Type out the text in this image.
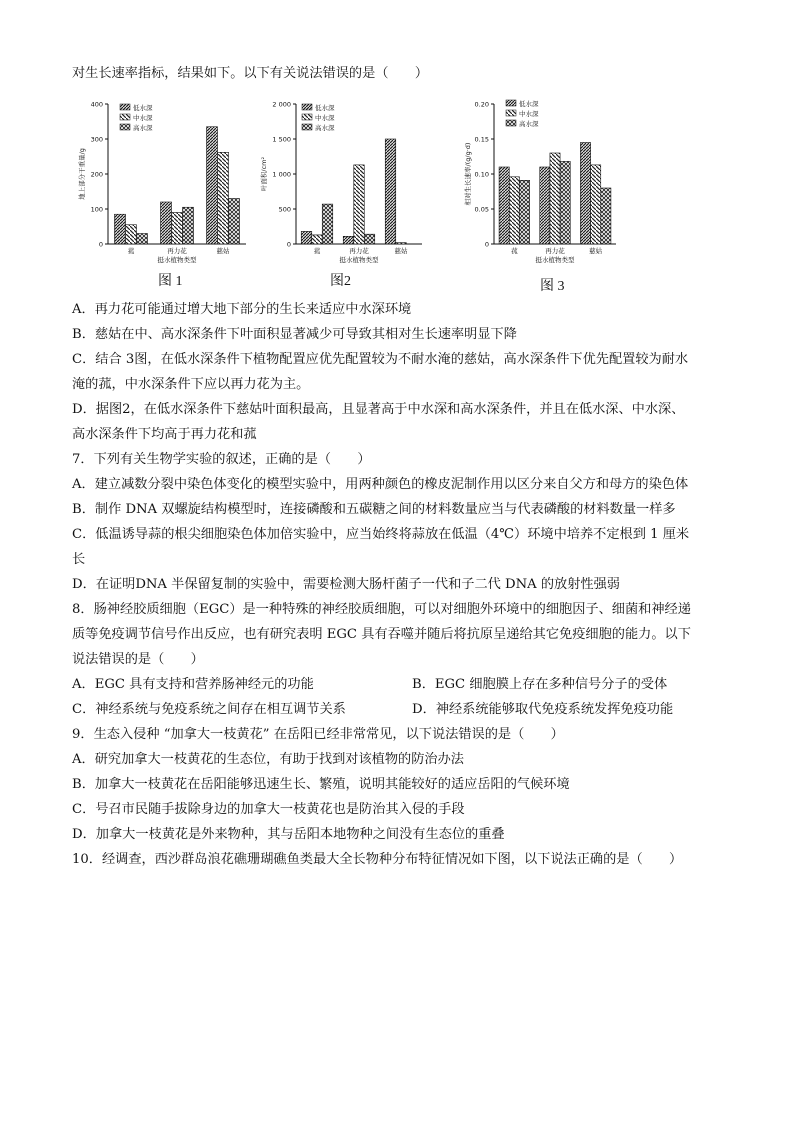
对生长速率指标，结果如下。以下有关说法错误的是（　　）
0
100
200
300
400
地上部分干重量/g
菰	再力花	慈姑
挺水植物类型
低水深
中水深
高水深
0
500
1 000
1 500
2 000
叶面积/cm²
菰	再力花	慈姑
挺水植物类型
低水深
中水深
高水深
0
0.05
0.10
0.15
0.20
相对生长速率/(g/g·d)
菰	再力花	慈姑
挺水植物类型
低水深
中水深
高水深
图 1	图2	图 3
A．再力花可能通过增大地下部分的生长来适应中水深环境
B．慈姑在中、高水深条件下叶面积显著减少可导致其相对生长速率明显下降
C．结合 3图，在低水深条件下植物配置应优先配置较为不耐水淹的慈姑，高水深条件下优先配置较为耐水
淹的菰，中水深条件下应以再力花为主。
D．据图2，在低水深条件下慈姑叶面积最高，且显著高于中水深和高水深条件，并且在低水深、中水深、
高水深条件下均高于再力花和菰
7．下列有关生物学实验的叙述，正确的是（　　）
A．建立减数分裂中染色体变化的模型实验中，用两种颜色的橡皮泥制作用以区分来自父方和母方的染色体
B．制作 DNA 双螺旋结构模型时，连接磷酸和五碳糖之间的材料数量应当与代表磷酸的材料数量一样多
C．低温诱导蒜的根尖细胞染色体加倍实验中，应当始终将蒜放在低温（4℃）环境中培养不定根到 1 厘米
长
D．在证明DNA 半保留复制的实验中，需要检测大肠杆菌子一代和子二代 DNA 的放射性强弱
8．肠神经胶质细胞（EGC）是一种特殊的神经胶质细胞，可以对细胞外环境中的细胞因子、细菌和神经递
质等免疫调节信号作出反应，也有研究表明 EGC 具有吞噬并随后将抗原呈递给其它免疫细胞的能力。以下
说法错误的是（　　）
A．EGC 具有支持和营养肠神经元的功能	B．EGC 细胞膜上存在多种信号分子的受体
C．神经系统与免疫系统之间存在相互调节关系	D．神经系统能够取代免疫系统发挥免疫功能
9．生态入侵种 “加拿大一枝黄花” 在岳阳已经非常常见，以下说法错误的是（　　）
A．研究加拿大一枝黄花的生态位，有助于找到对该植物的防治办法
B．加拿大一枝黄花在岳阳能够迅速生长、繁殖，说明其能较好的适应岳阳的气候环境
C．号召市民随手拔除身边的加拿大一枝黄花也是防治其入侵的手段
D．加拿大一枝黄花是外来物种，其与岳阳本地物种之间没有生态位的重叠
10．经调查，西沙群岛浪花礁珊瑚礁鱼类最大全长物种分布特征情况如下图，以下说法正确的是（　　）
